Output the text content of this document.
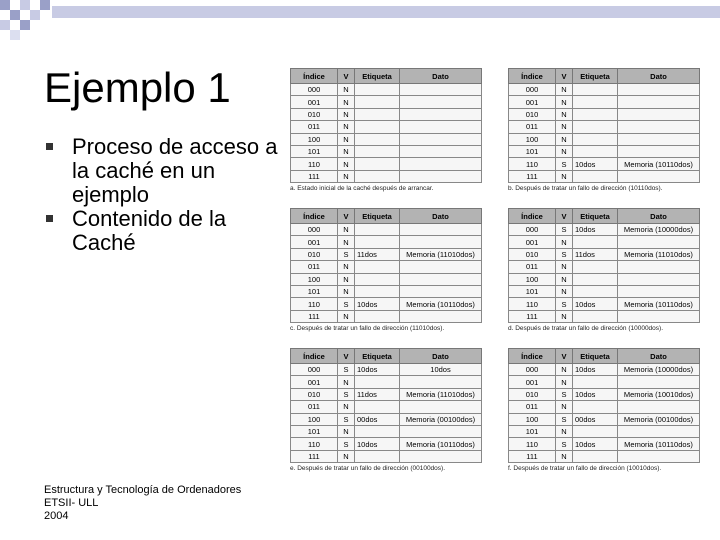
Ejemplo 1
Proceso de acceso a la caché en un ejemplo
Contenido de la Caché
Estructura y Tecnología de Ordenadores
ETSII- ULL
2004
Índice	V	Etiqueta	Dato
000	N		
001	N		
010	N		
011	N		
100	N		
101	N		
110	N		
111	N		
a. Estado inicial de la caché después de arrancar.
Índice	V	Etiqueta	Dato
000	N		
001	N		
010	N		
011	N		
100	N		
101	N		
110	S	10dos	Memoria (10110dos)
111	N		
b. Después de tratar un fallo de dirección (10110dos).
Índice	V	Etiqueta	Dato
000	N		
001	N		
010	S	11dos	Memoria (11010dos)
011	N		
100	N		
101	N		
110	S	10dos	Memoria (10110dos)
111	N		
c. Después de tratar un fallo de dirección (11010dos).
Índice	V	Etiqueta	Dato
000	S	10dos	Memoria (10000dos)
001	N		
010	S	11dos	Memoria (11010dos)
011	N		
100	N		
101	N		
110	S	10dos	Memoria (10110dos)
111	N		
d. Después de tratar un fallo de dirección (10000dos).
Índice	V	Etiqueta	Dato
000	S	10dos	10dos
001	N		
010	S	11dos	Memoria (11010dos)
011	N		
100	S	00dos	Memoria (00100dos)
101	N		
110	S	10dos	Memoria (10110dos)
111	N		
e. Después de tratar un fallo de dirección (00100dos).
Índice	V	Etiqueta	Dato
000	N	10dos	Memoria (10000dos)
001	N		
010	S	10dos	Memoria (10010dos)
011	N		
100	S	00dos	Memoria (00100dos)
101	N		
110	S	10dos	Memoria (10110dos)
111	N		
f. Después de tratar un fallo de dirección (10010dos).
